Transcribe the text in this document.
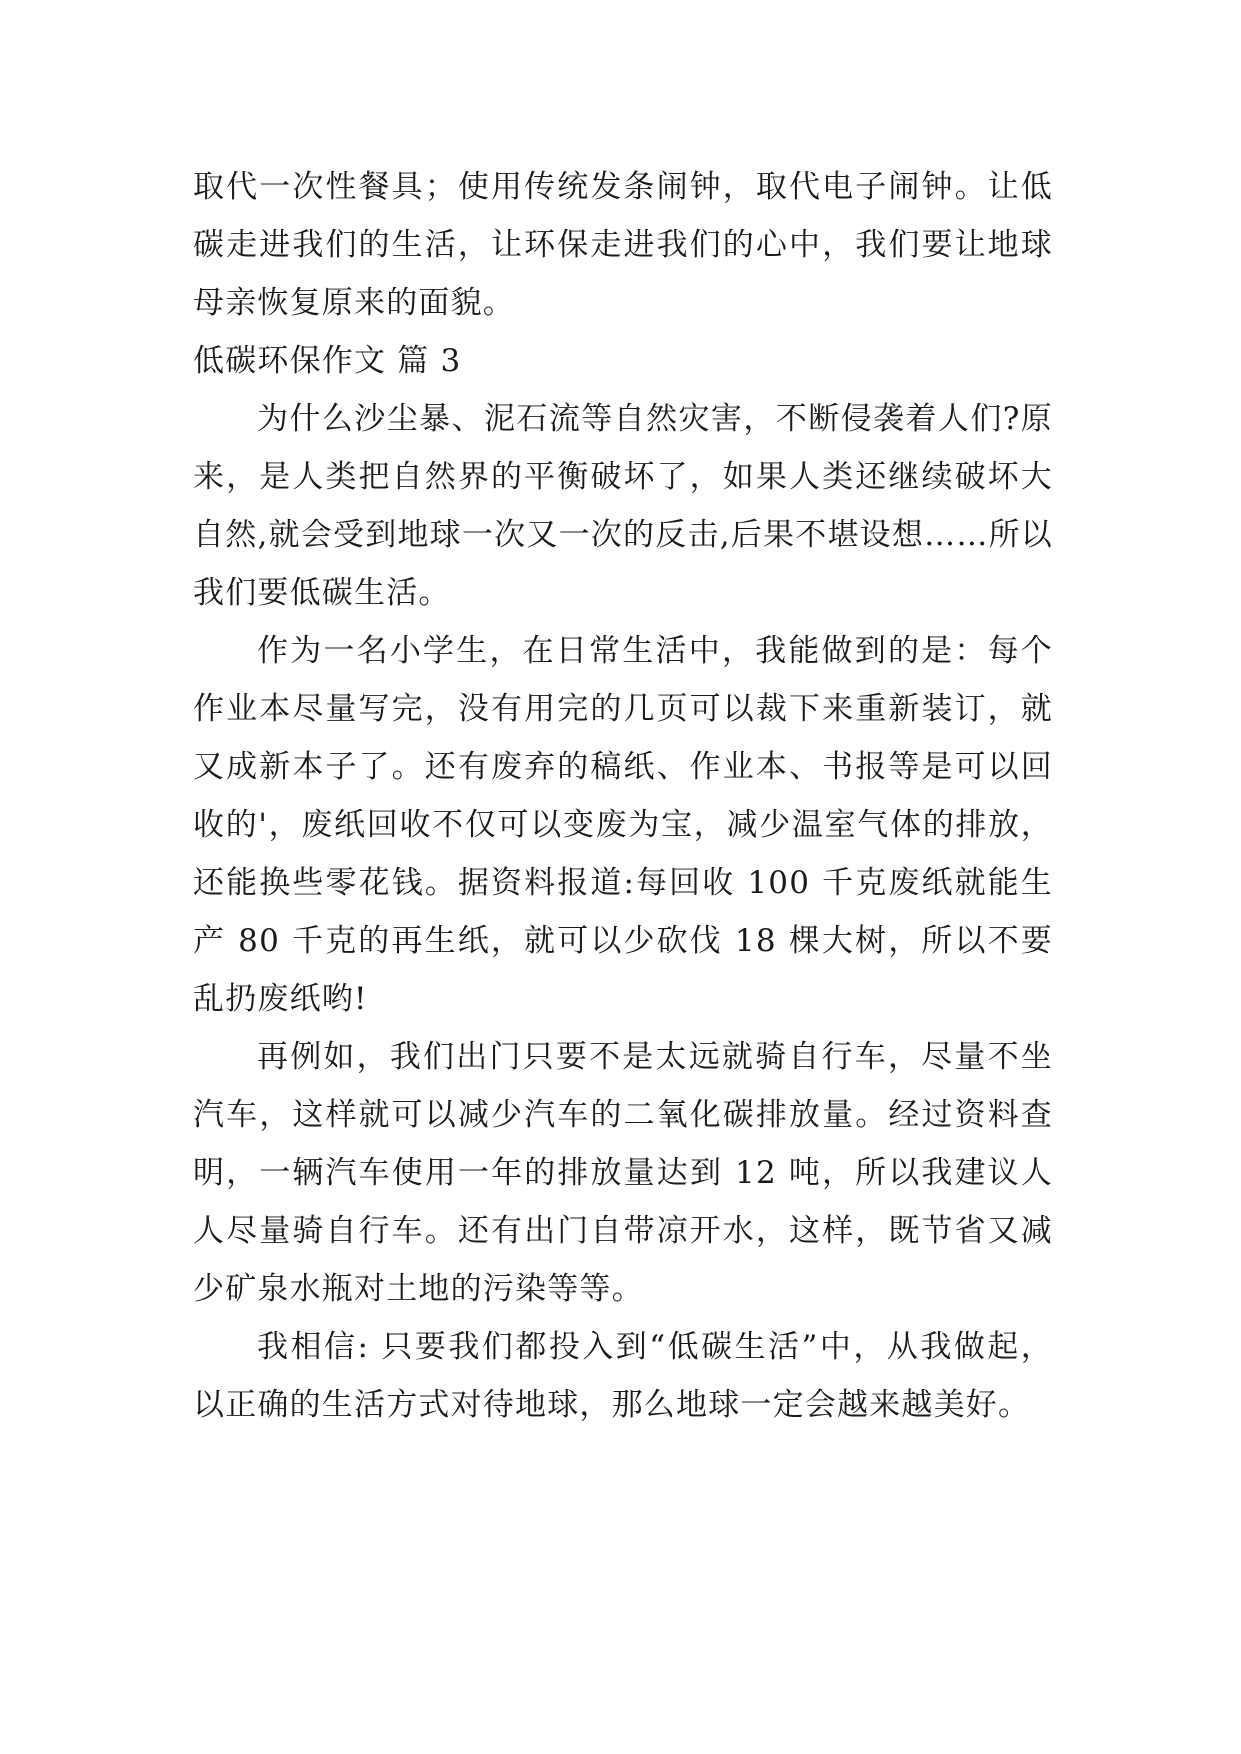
取代一次性餐具；使用传统发条闹钟，取代电子闹钟。让低碳走进我们的生活，让环保走进我们的心中，我们要让地球母亲恢复原来的面貌。

低碳环保作文 篇 3

为什么沙尘暴、泥石流等自然灾害，不断侵袭着人们?原来，是人类把自然界的平衡破坏了，如果人类还继续破坏大自然,就会受到地球一次又一次的反击,后果不堪设想……所以我们要低碳生活。

作为一名小学生，在日常生活中，我能做到的是：每个作业本尽量写完，没有用完的几页可以裁下来重新装订，就又成新本子了。还有废弃的稿纸、作业本、书报等是可以回收的'，废纸回收不仅可以变废为宝，减少温室气体的排放，还能换些零花钱。据资料报道:每回收 100 千克废纸就能生产 80 千克的再生纸，就可以少砍伐 18 棵大树，所以不要乱扔废纸哟!

再例如，我们出门只要不是太远就骑自行车，尽量不坐汽车，这样就可以减少汽车的二氧化碳排放量。经过资料查明，一辆汽车使用一年的排放量达到 12 吨，所以我建议人人尽量骑自行车。还有出门自带凉开水，这样，既节省又减少矿泉水瓶对土地的污染等等。

我相信: 只要我们都投入到“低碳生活”中，从我做起，以正确的生活方式对待地球，那么地球一定会越来越美好。
